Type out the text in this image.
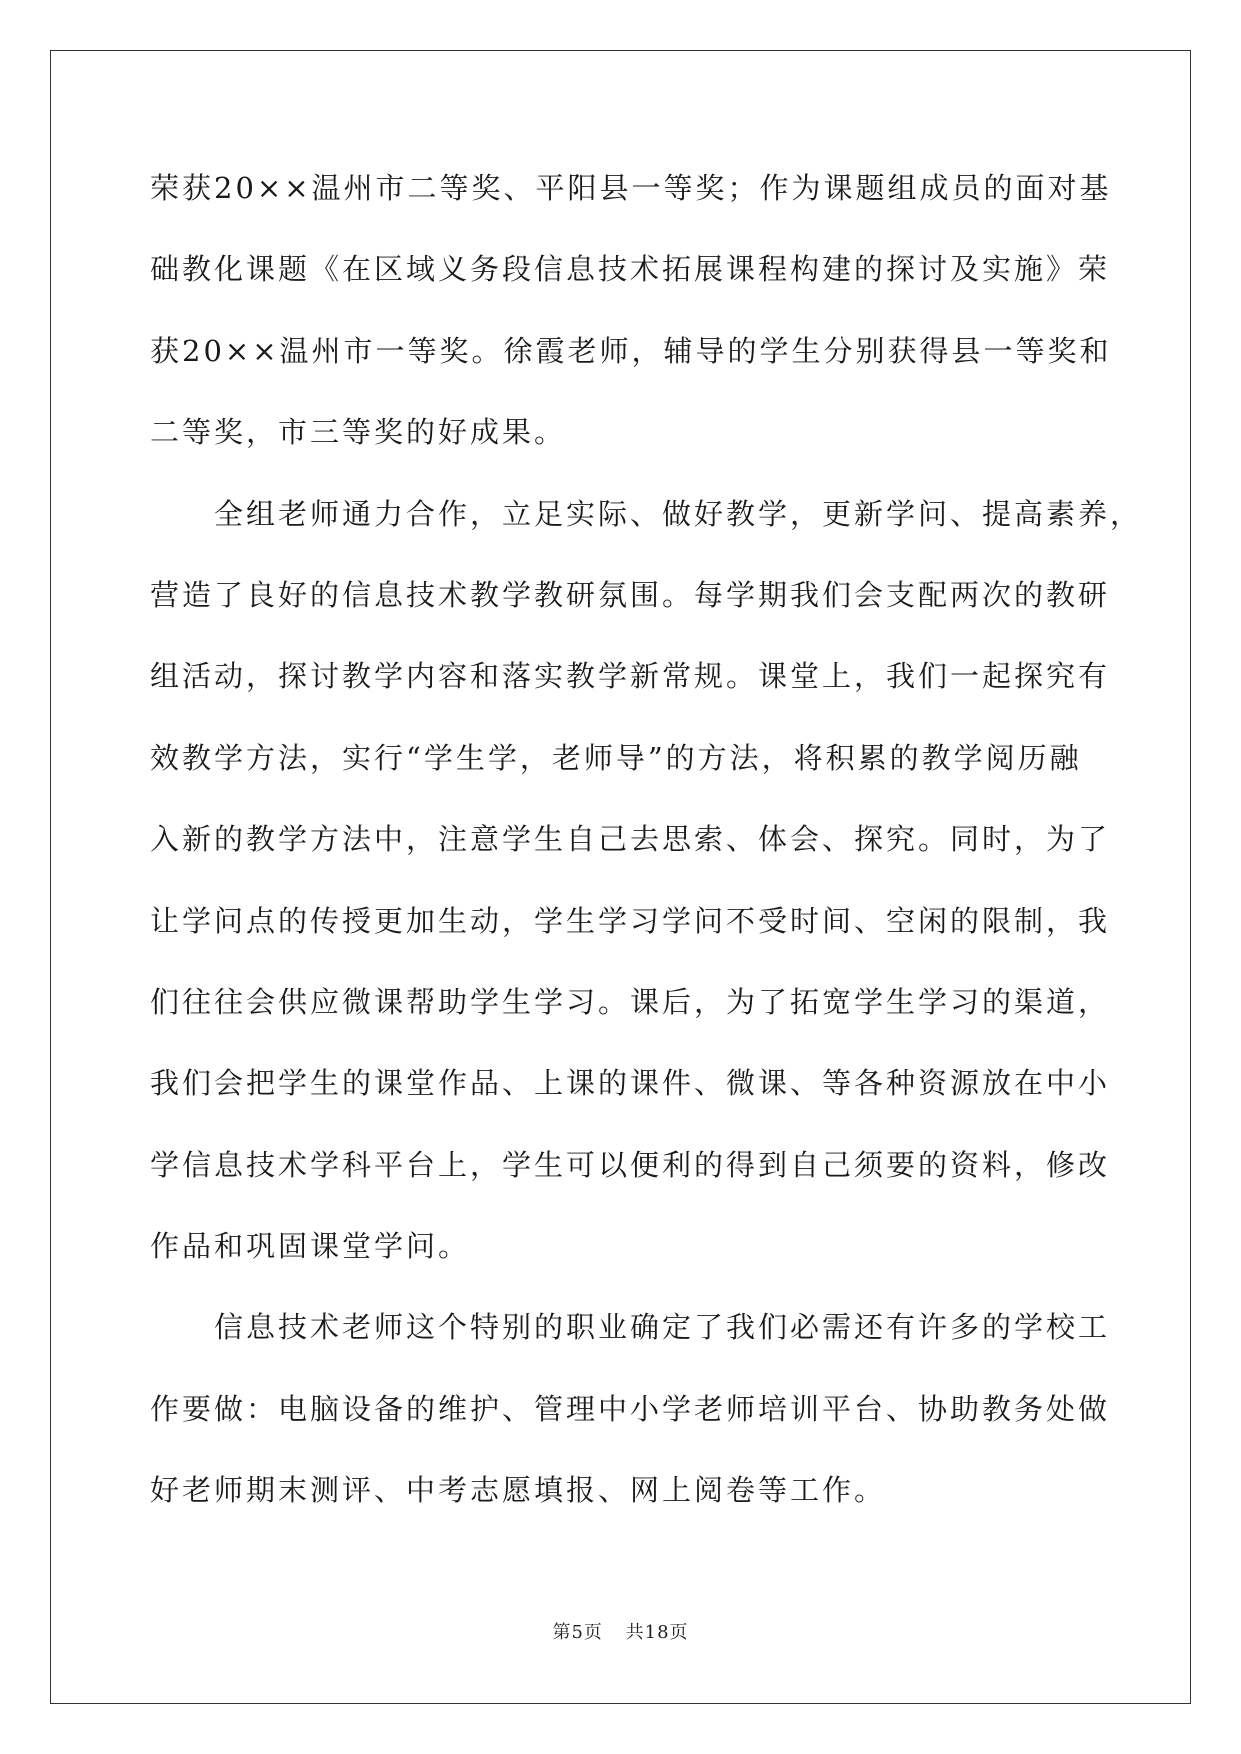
荣获20××温州市二等奖、平阳县一等奖；作为课题组成员的面对基
础教化课题《在区域义务段信息技术拓展课程构建的探讨及实施》荣
获20××温州市一等奖。徐霞老师，辅导的学生分别获得县一等奖和
二等奖，市三等奖的好成果。
全组老师通力合作，立足实际、做好教学，更新学问、提高素养，
营造了良好的信息技术教学教研氛围。每学期我们会支配两次的教研
组活动，探讨教学内容和落实教学新常规。课堂上，我们一起探究有
效教学方法，实行“学生学，老师导”的方法，将积累的教学阅历融
入新的教学方法中，注意学生自己去思索、体会、探究。同时，为了
让学问点的传授更加生动，学生学习学问不受时间、空闲的限制，我
们往往会供应微课帮助学生学习。课后，为了拓宽学生学习的渠道，
我们会把学生的课堂作品、上课的课件、微课、等各种资源放在中小
学信息技术学科平台上，学生可以便利的得到自己须要的资料，修改
作品和巩固课堂学问。
信息技术老师这个特别的职业确定了我们必需还有许多的学校工
作要做：电脑设备的维护、管理中小学老师培训平台、协助教务处做
好老师期末测评、中考志愿填报、网上阅卷等工作。
第5页 共18页
